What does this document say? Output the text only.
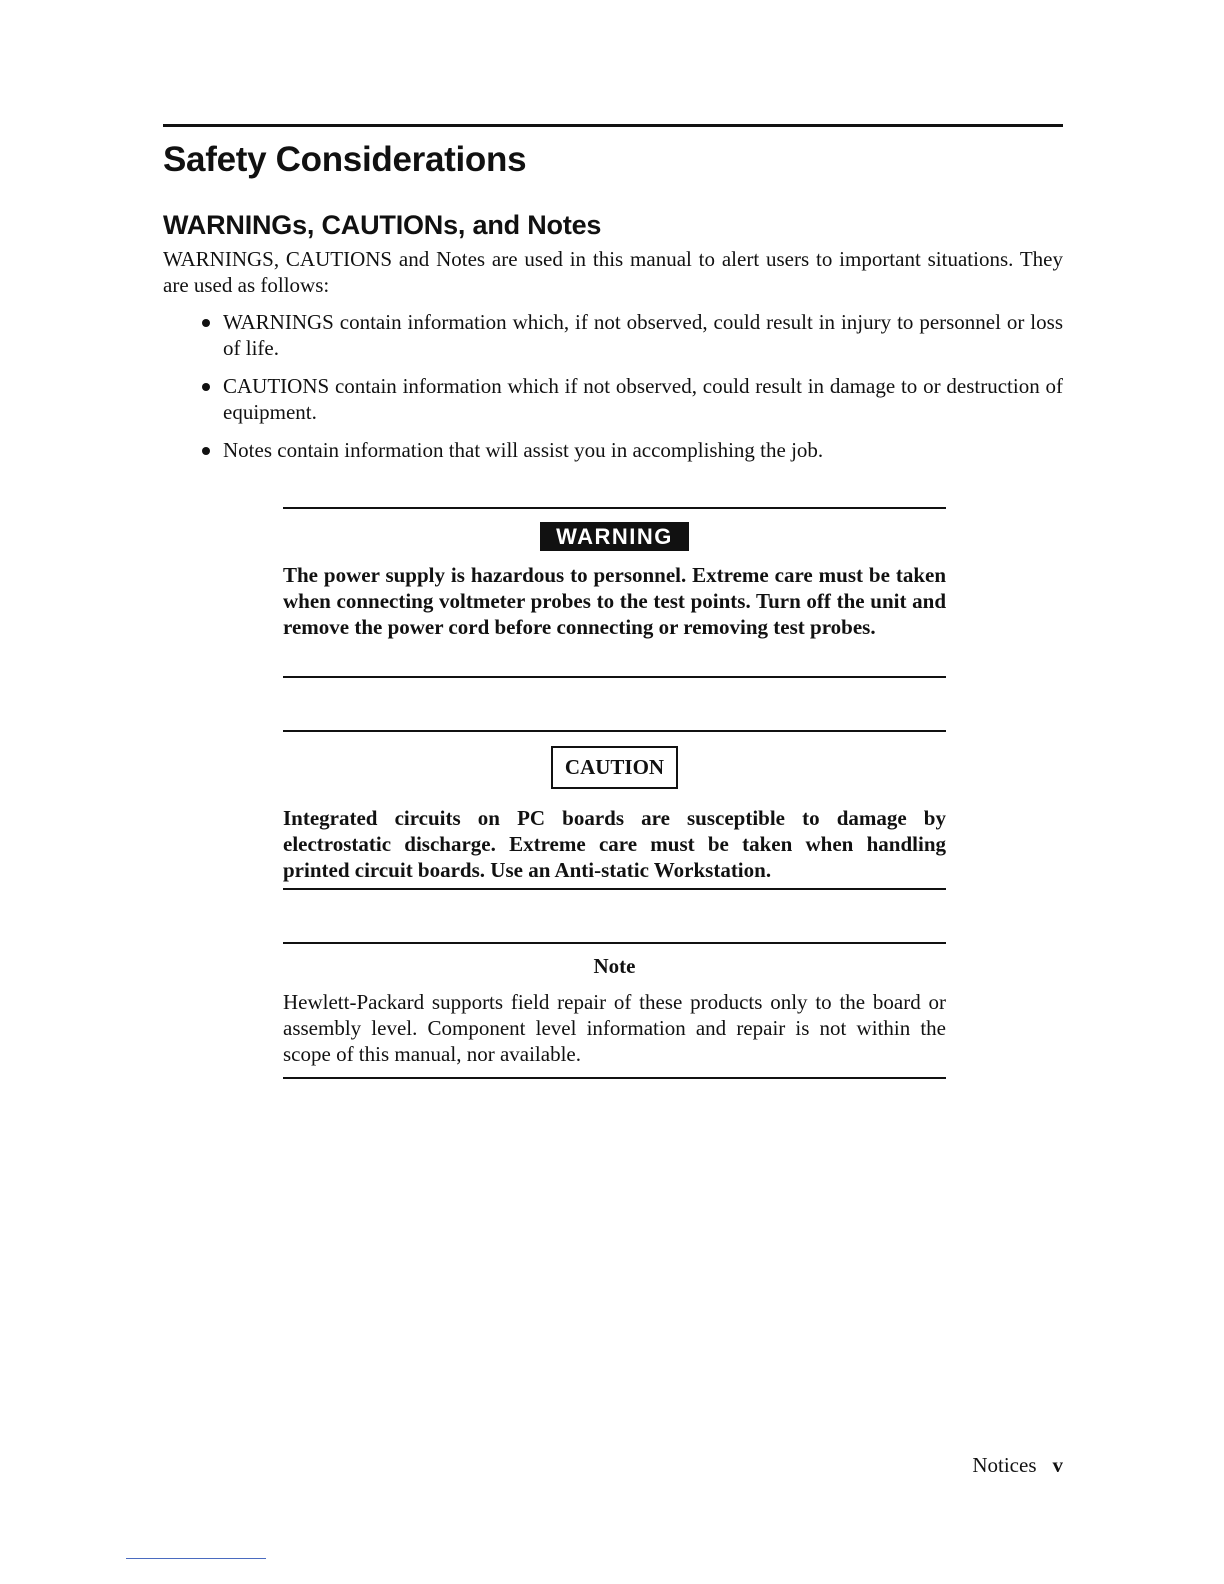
Safety Considerations
WARNINGs, CAUTIONs, and Notes

WARNINGS, CAUTIONS and Notes are used in this manual to alert users to important situations. They are used as follows:

WARNINGS contain information which, if not observed, could result in injury to personnel or loss of life.
CAUTIONS contain information which if not observed, could result in damage to or destruction of equipment.
Notes contain information that will assist you in accomplishing the job.
WARNING

The power supply is hazardous to personnel. Extreme care must be taken when connecting voltmeter probes to the test points. Turn off the unit and remove the power cord before connecting or removing test probes.

CAUTION

Integrated circuits on PC boards are susceptible to damage by electrostatic discharge. Extreme care must be taken when handling printed circuit boards. Use an Anti-static Workstation.

Note

Hewlett-Packard supports field repair of these products only to the board or assembly level. Component level information and repair is not within the scope of this manual, nor available.

Notices v
